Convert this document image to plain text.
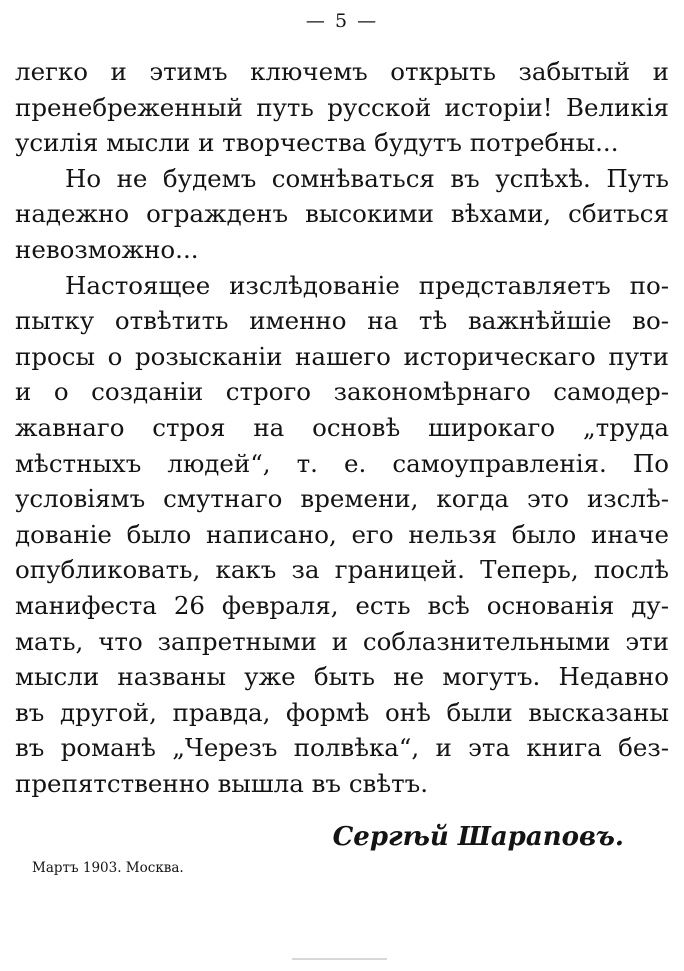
— 5 —
легко и этимъ ключемъ открыть забытый и
пренебреженный путь русской исторіи! Великія
усилія мысли и творчества будутъ потребны...
Но не будемъ сомнѣваться въ успѣхѣ. Путь
надежно огражденъ высокими вѣхами, сбиться
невозможно...
Настоящее изслѣдованіе представляетъ по-
пытку отвѣтить именно на тѣ важнѣйшіе во-
просы о розысканіи нашего историческаго пути
и о созданіи строго закономѣрнаго самодер-
жавнаго строя на основѣ широкаго „труда
мѣстныхъ людей“, т. е. самоуправленія. По
условіямъ смутнаго времени, когда это изслѣ-
дованіе было написано, его нельзя было иначе
опубликовать, какъ за границей. Теперь, послѣ
манифеста 26 февраля, есть всѣ основанія ду-
мать, что запретными и соблазнительными эти
мысли названы уже быть не могутъ. Недавно
въ другой, правда, формѣ онѣ были высказаны
въ романѣ „Черезъ полвѣка“, и эта книга без-
препятственно вышла въ свѣтъ.
Сергѣй Шараповъ.
Мартъ 1903. Москва.
